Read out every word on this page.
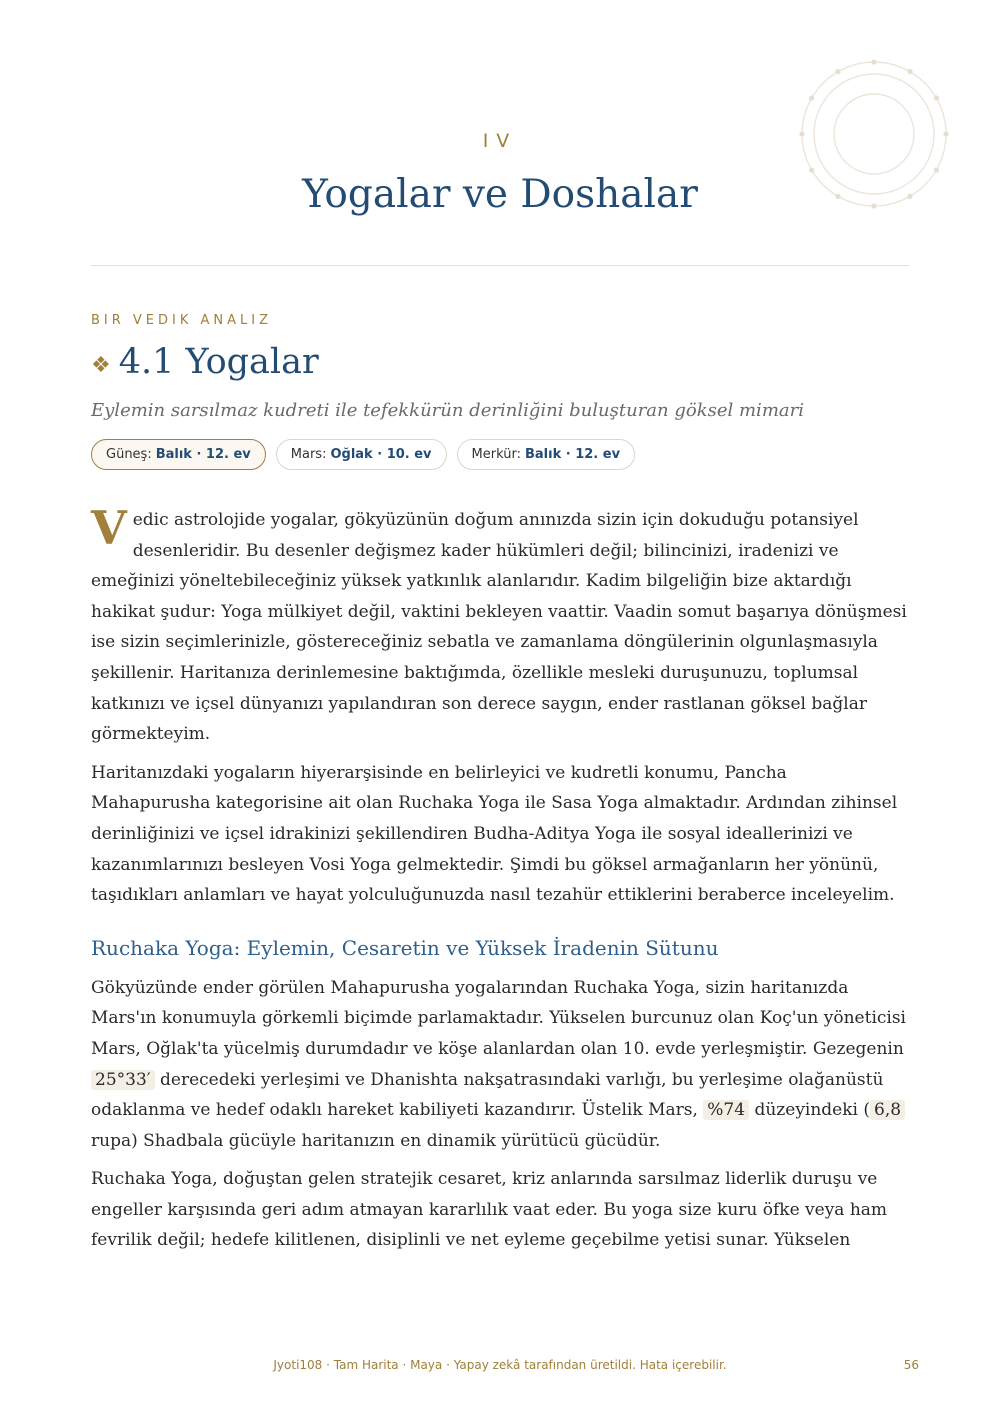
IV
Yogalar ve Doshalar
BIR VEDIK ANALIZ
❖ 4.1 Yogalar
Eylemin sarsılmaz kudreti ile tefekkürün derinliğini buluşturan göksel mimari
Güneş: Balık · 12. ev	Mars: Oğlak · 10. ev	Merkür: Balık · 12. ev

Vedic astrolojide yogalar, gökyüzünün doğum anınızda sizin için dokuduğu potansiyel desenleridir. Bu desenler değişmez kader hükümleri değil; bilincinizi, iradenizi ve emeğinizi yöneltebileceğiniz yüksek yatkınlık alanlarıdır. Kadim bilgeliğin bize aktardığı hakikat şudur: Yoga mülkiyet değil, vaktini bekleyen vaattir. Vaadin somut başarıya dönüşmesi ise sizin seçimlerinizle, göstereceğiniz sebatla ve zamanlama döngülerinin olgunlaşmasıyla şekillenir. Haritanıza derinlemesine baktığımda, özellikle mesleki duruşunuzu, toplumsal katkınızı ve içsel dünyanızı yapılandıran son derece saygın, ender rastlanan göksel bağlar görmekteyim.

Haritanızdaki yogaların hiyerarşisinde en belirleyici ve kudretli konumu, Pancha Mahapurusha kategorisine ait olan Ruchaka Yoga ile Sasa Yoga almaktadır. Ardından zihinsel derinliğinizi ve içsel idrakinizi şekillendiren Budha-Aditya Yoga ile sosyal ideallerinizi ve kazanımlarınızı besleyen Vosi Yoga gelmektedir. Şimdi bu göksel armağanların her yönünü, taşıdıkları anlamları ve hayat yolculuğunuzda nasıl tezahür ettiklerini beraberce inceleyelim.

Ruchaka Yoga: Eylemin, Cesaretin ve Yüksek İradenin Sütunu

Gökyüzünde ender görülen Mahapurusha yogalarından Ruchaka Yoga, sizin haritanızda Mars'ın konumuyla görkemli biçimde parlamaktadır. Yükselen burcunuz olan Koç'un yöneticisi Mars, Oğlak'ta yücelmiş durumdadır ve köşe alanlardan olan 10. evde yerleşmiştir. Gezegenin 25°33′ derecedeki yerleşimi ve Dhanishta nakşatrasındaki varlığı, bu yerleşime olağanüstü odaklanma ve hedef odaklı hareket kabiliyeti kazandırır. Üstelik Mars, %74 düzeyindeki ( 6,8 rupa) Shadbala gücüyle haritanızın en dinamik yürütücü gücüdür.

Ruchaka Yoga, doğuştan gelen stratejik cesaret, kriz anlarında sarsılmaz liderlik duruşu ve engeller karşısında geri adım atmayan kararlılık vaat eder. Bu yoga size kuru öfke veya ham fevrilik değil; hedefe kilitlenen, disiplinli ve net eyleme geçebilme yetisi sunar. Yükselen

Jyoti108 · Tam Harita · Maya · Yapay zekâ tarafından üretildi. Hata içerebilir.	56
